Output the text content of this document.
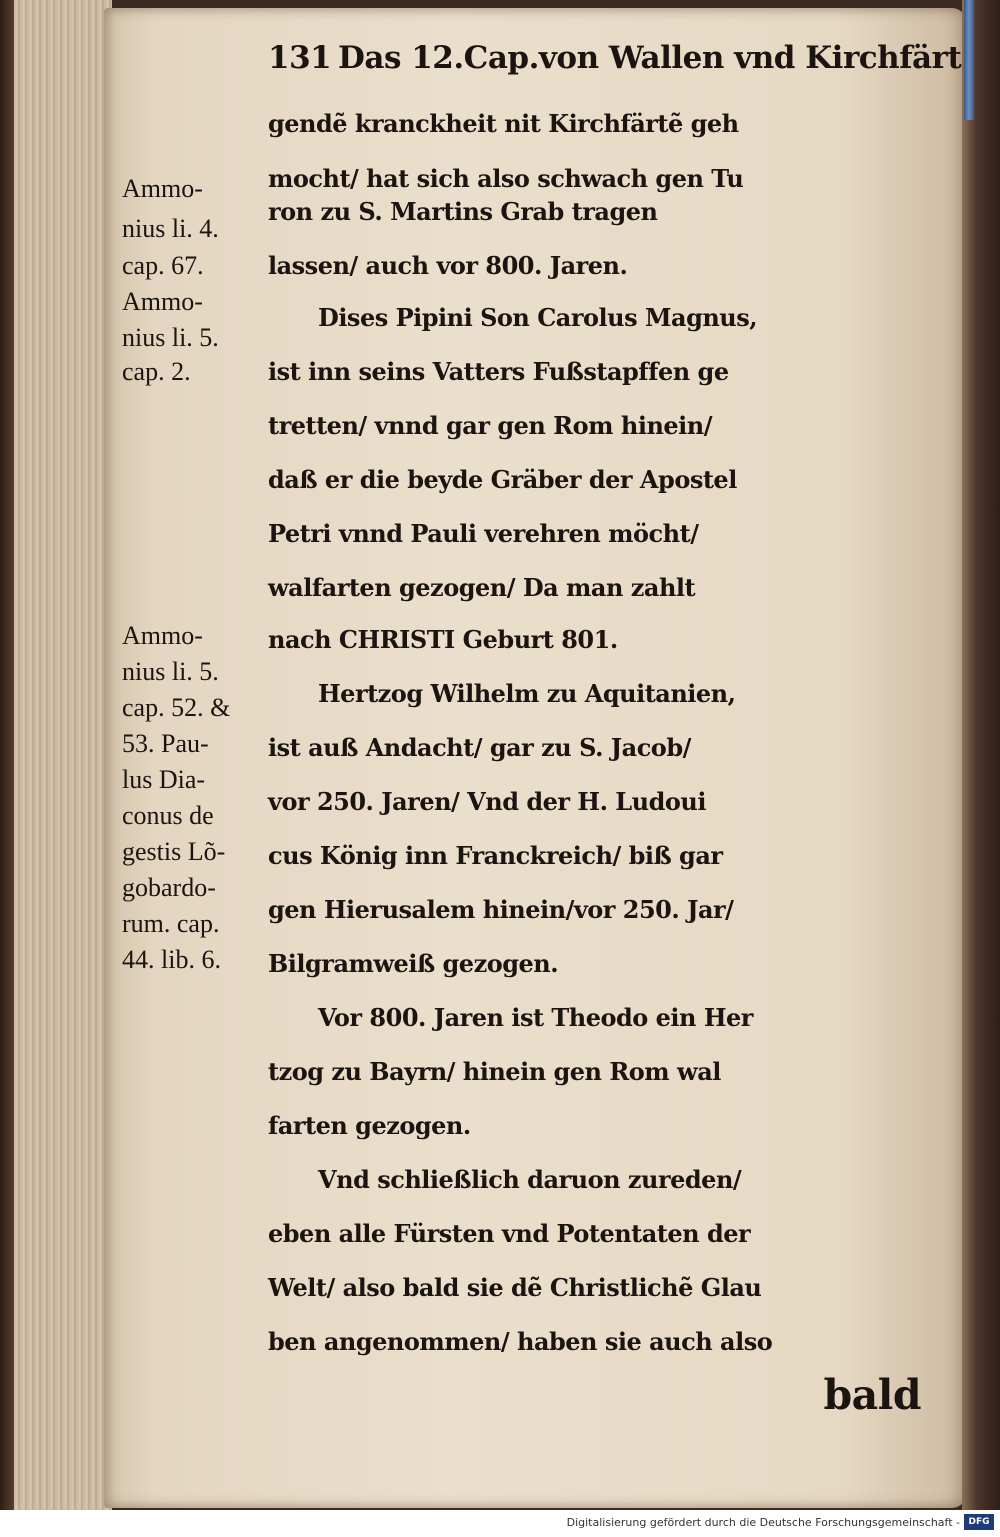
131 Das 12.Cap.von Wallen vnd Kirchfärt
gendẽ kranckheit nit Kirchfärtẽ geh
mocht/ hat sich also schwach gen Tu
ron zu S. Martins Grab tragen
lassen/ auch vor 800. Jaren.
Dises Pipini Son Carolus Magnus,
ist inn seins Vatters Fußstapffen ge
tretten/ vnnd gar gen Rom hinein/
daß er die beyde Gräber der Apostel
Petri vnnd Pauli verehren möcht/
walfarten gezogen/ Da man zahlt
nach CHRISTI Geburt 801.
Hertzog Wilhelm zu Aquitanien,
ist auß Andacht/ gar zu S. Jacob/
vor 250. Jaren/ Vnd der H. Ludoui
cus König inn Franckreich/ biß gar
gen Hierusalem hinein/vor 250. Jar/
Bilgramweiß gezogen.
Vor 800. Jaren ist Theodo ein Her
tzog zu Bayrn/ hinein gen Rom wal
farten gezogen.
Vnd schließlich daruon zureden/
eben alle Fürsten vnd Potentaten der
Welt/ also bald sie dẽ Christlichẽ Glau
ben angenommen/ haben sie auch also
bald
Ammo-
nius li. 4.
cap. 67.
Ammo-
nius li. 5.
cap. 2.
Ammo-
nius li. 5.
cap. 52. &
53. Pau-
lus Dia-
conus de
gestis Lõ-
gobardo-
rum. cap.
44. lib. 6.
Digitalisierung gefördert durch die Deutsche Forschungsgemeinschaft - DFG
